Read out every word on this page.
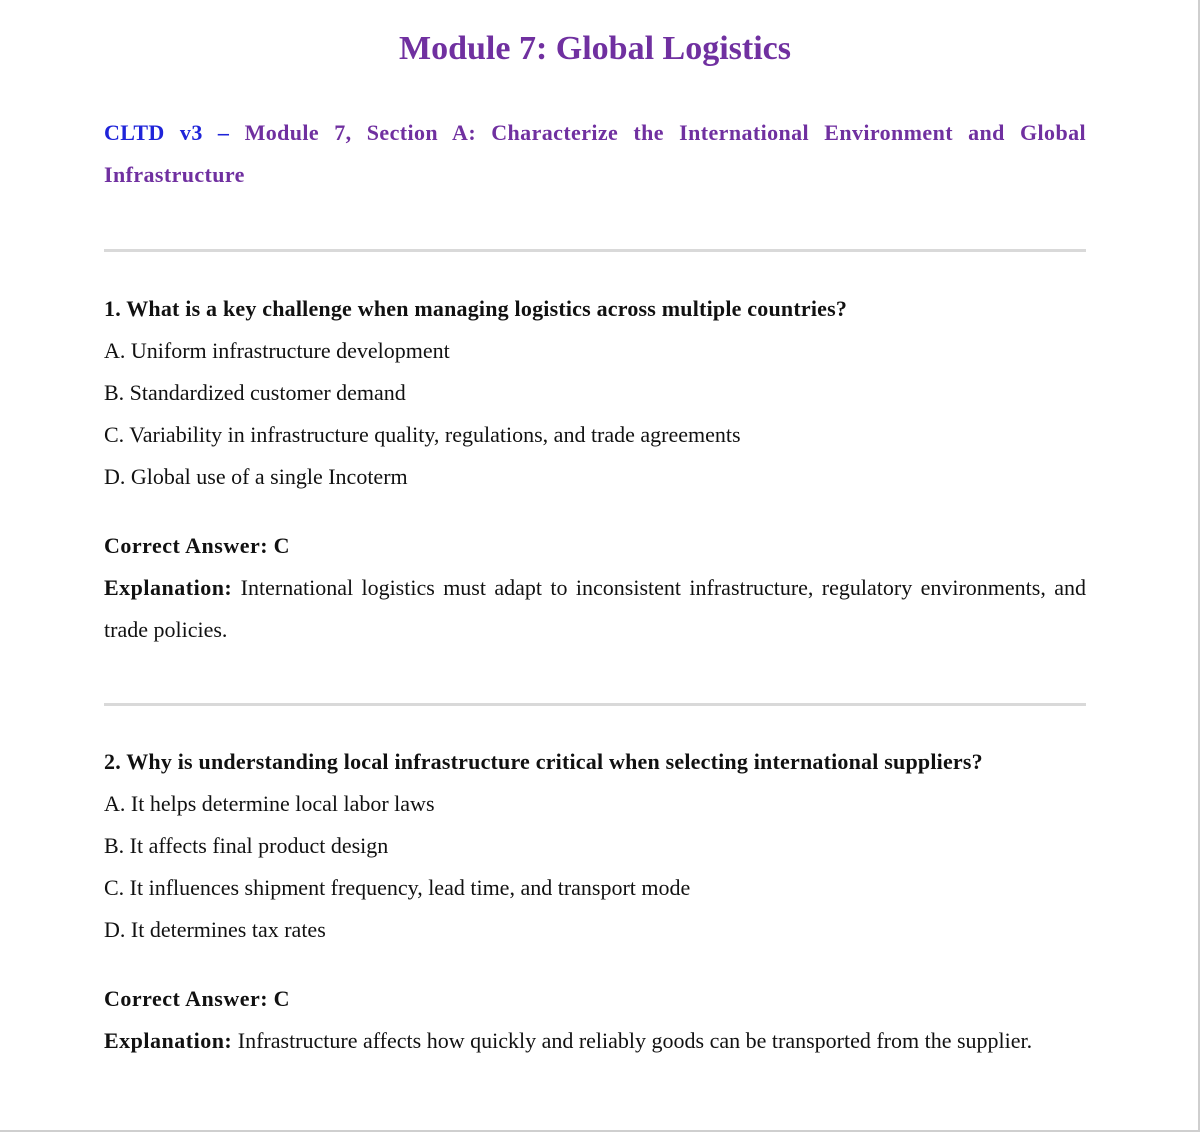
Module 7: Global Logistics
CLTD v3 – Module 7, Section A: Characterize the International Environment and Global Infrastructure
1. What is a key challenge when managing logistics across multiple countries?
A. Uniform infrastructure development
B. Standardized customer demand
C. Variability in infrastructure quality, regulations, and trade agreements
D. Global use of a single Incoterm
Correct Answer: C
Explanation: International logistics must adapt to inconsistent infrastructure, regulatory environments, and trade policies.
2. Why is understanding local infrastructure critical when selecting international suppliers?
A. It helps determine local labor laws
B. It affects final product design
C. It influences shipment frequency, lead time, and transport mode
D. It determines tax rates
Correct Answer: C
Explanation: Infrastructure affects how quickly and reliably goods can be transported from the supplier.
